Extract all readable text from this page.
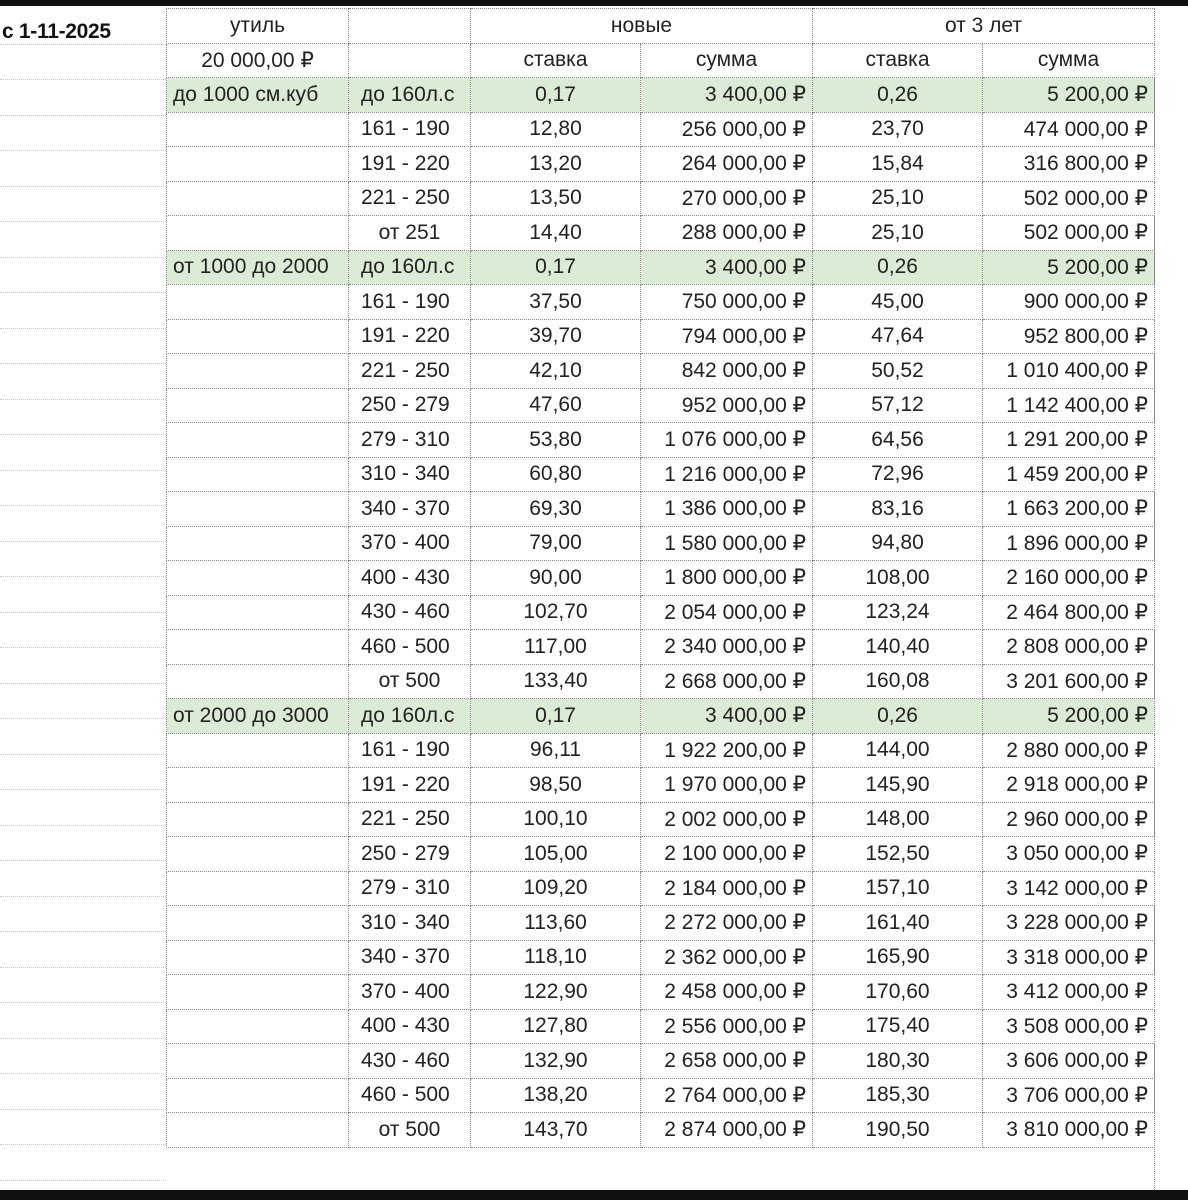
с 1-11-2025	утиль		новые		от 3 лет	
20 000,00 ₽		ставка	сумма	ставка	сумма
до 1000 см.куб	до 160л.с	0,17	3 400,00 ₽	0,26	5 200,00 ₽
	161 - 190	12,80	256 000,00 ₽	23,70	474 000,00 ₽
	191 - 220	13,20	264 000,00 ₽	15,84	316 800,00 ₽
	221 - 250	13,50	270 000,00 ₽	25,10	502 000,00 ₽
	от 251	14,40	288 000,00 ₽	25,10	502 000,00 ₽
от 1000 до 2000	до 160л.с	0,17	3 400,00 ₽	0,26	5 200,00 ₽
	161 - 190	37,50	750 000,00 ₽	45,00	900 000,00 ₽
	191 - 220	39,70	794 000,00 ₽	47,64	952 800,00 ₽
	221 - 250	42,10	842 000,00 ₽	50,52	1 010 400,00 ₽
	250 - 279	47,60	952 000,00 ₽	57,12	1 142 400,00 ₽
	279 - 310	53,80	1 076 000,00 ₽	64,56	1 291 200,00 ₽
	310 - 340	60,80	1 216 000,00 ₽	72,96	1 459 200,00 ₽
	340 - 370	69,30	1 386 000,00 ₽	83,16	1 663 200,00 ₽
	370 - 400	79,00	1 580 000,00 ₽	94,80	1 896 000,00 ₽
	400 - 430	90,00	1 800 000,00 ₽	108,00	2 160 000,00 ₽
	430 - 460	102,70	2 054 000,00 ₽	123,24	2 464 800,00 ₽
	460 - 500	117,00	2 340 000,00 ₽	140,40	2 808 000,00 ₽
	от 500	133,40	2 668 000,00 ₽	160,08	3 201 600,00 ₽
от 2000 до 3000	до 160л.с	0,17	3 400,00 ₽	0,26	5 200,00 ₽
	161 - 190	96,11	1 922 200,00 ₽	144,00	2 880 000,00 ₽
	191 - 220	98,50	1 970 000,00 ₽	145,90	2 918 000,00 ₽
	221 - 250	100,10	2 002 000,00 ₽	148,00	2 960 000,00 ₽
	250 - 279	105,00	2 100 000,00 ₽	152,50	3 050 000,00 ₽
	279 - 310	109,20	2 184 000,00 ₽	157,10	3 142 000,00 ₽
	310 - 340	113,60	2 272 000,00 ₽	161,40	3 228 000,00 ₽
	340 - 370	118,10	2 362 000,00 ₽	165,90	3 318 000,00 ₽
	370 - 400	122,90	2 458 000,00 ₽	170,60	3 412 000,00 ₽
	400 - 430	127,80	2 556 000,00 ₽	175,40	3 508 000,00 ₽
	430 - 460	132,90	2 658 000,00 ₽	180,30	3 606 000,00 ₽
	460 - 500	138,20	2 764 000,00 ₽	185,30	3 706 000,00 ₽
	от 500	143,70	2 874 000,00 ₽	190,50	3 810 000,00 ₽
